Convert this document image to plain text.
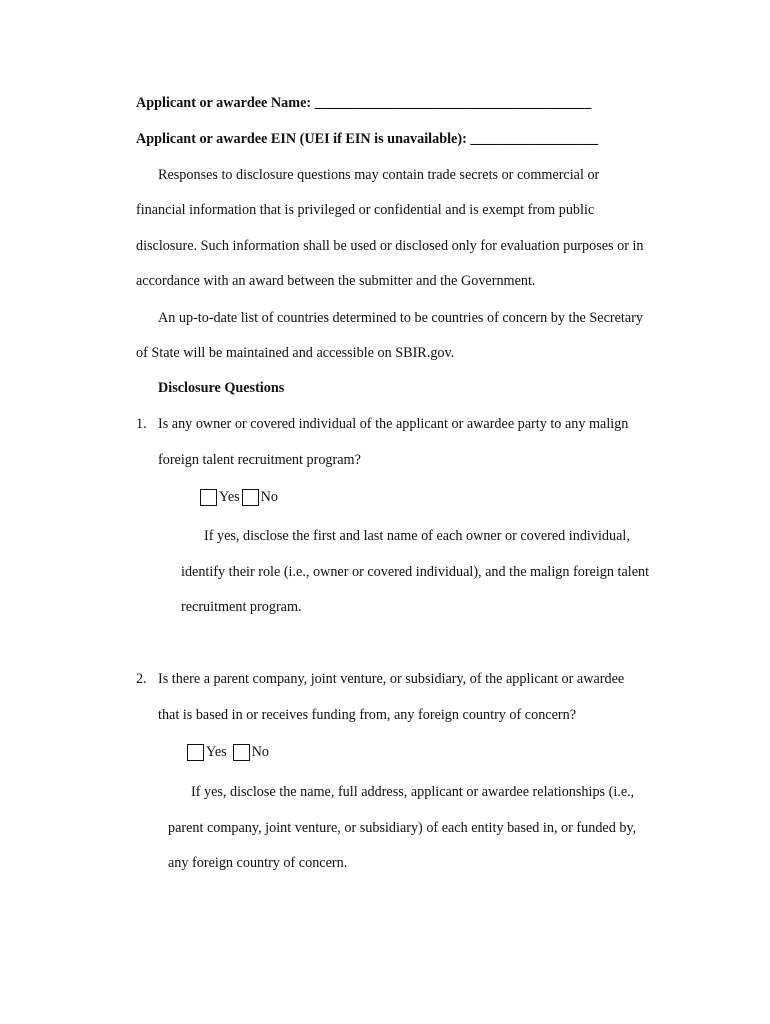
Applicant or awardee Name: _______________________________________
Applicant or awardee EIN (UEI if EIN is unavailable): __________________
Responses to disclosure questions may contain trade secrets or commercial or
financial information that is privileged or confidential and is exempt from public
disclosure. Such information shall be used or disclosed only for evaluation purposes or in
accordance with an award between the submitter and the Government.
An up-to-date list of countries determined to be countries of concern by the Secretary
of State will be maintained and accessible on SBIR.gov.
Disclosure Questions
1. Is any owner or covered individual of the applicant or awardee party to any malign
foreign talent recruitment program?
Yes No
If yes, disclose the first and last name of each owner or covered individual,
identify their role (i.e., owner or covered individual), and the malign foreign talent
recruitment program.
2. Is there a parent company, joint venture, or subsidiary, of the applicant or awardee
that is based in or receives funding from, any foreign country of concern?
Yes No
If yes, disclose the name, full address, applicant or awardee relationships (i.e.,
parent company, joint venture, or subsidiary) of each entity based in, or funded by,
any foreign country of concern.
